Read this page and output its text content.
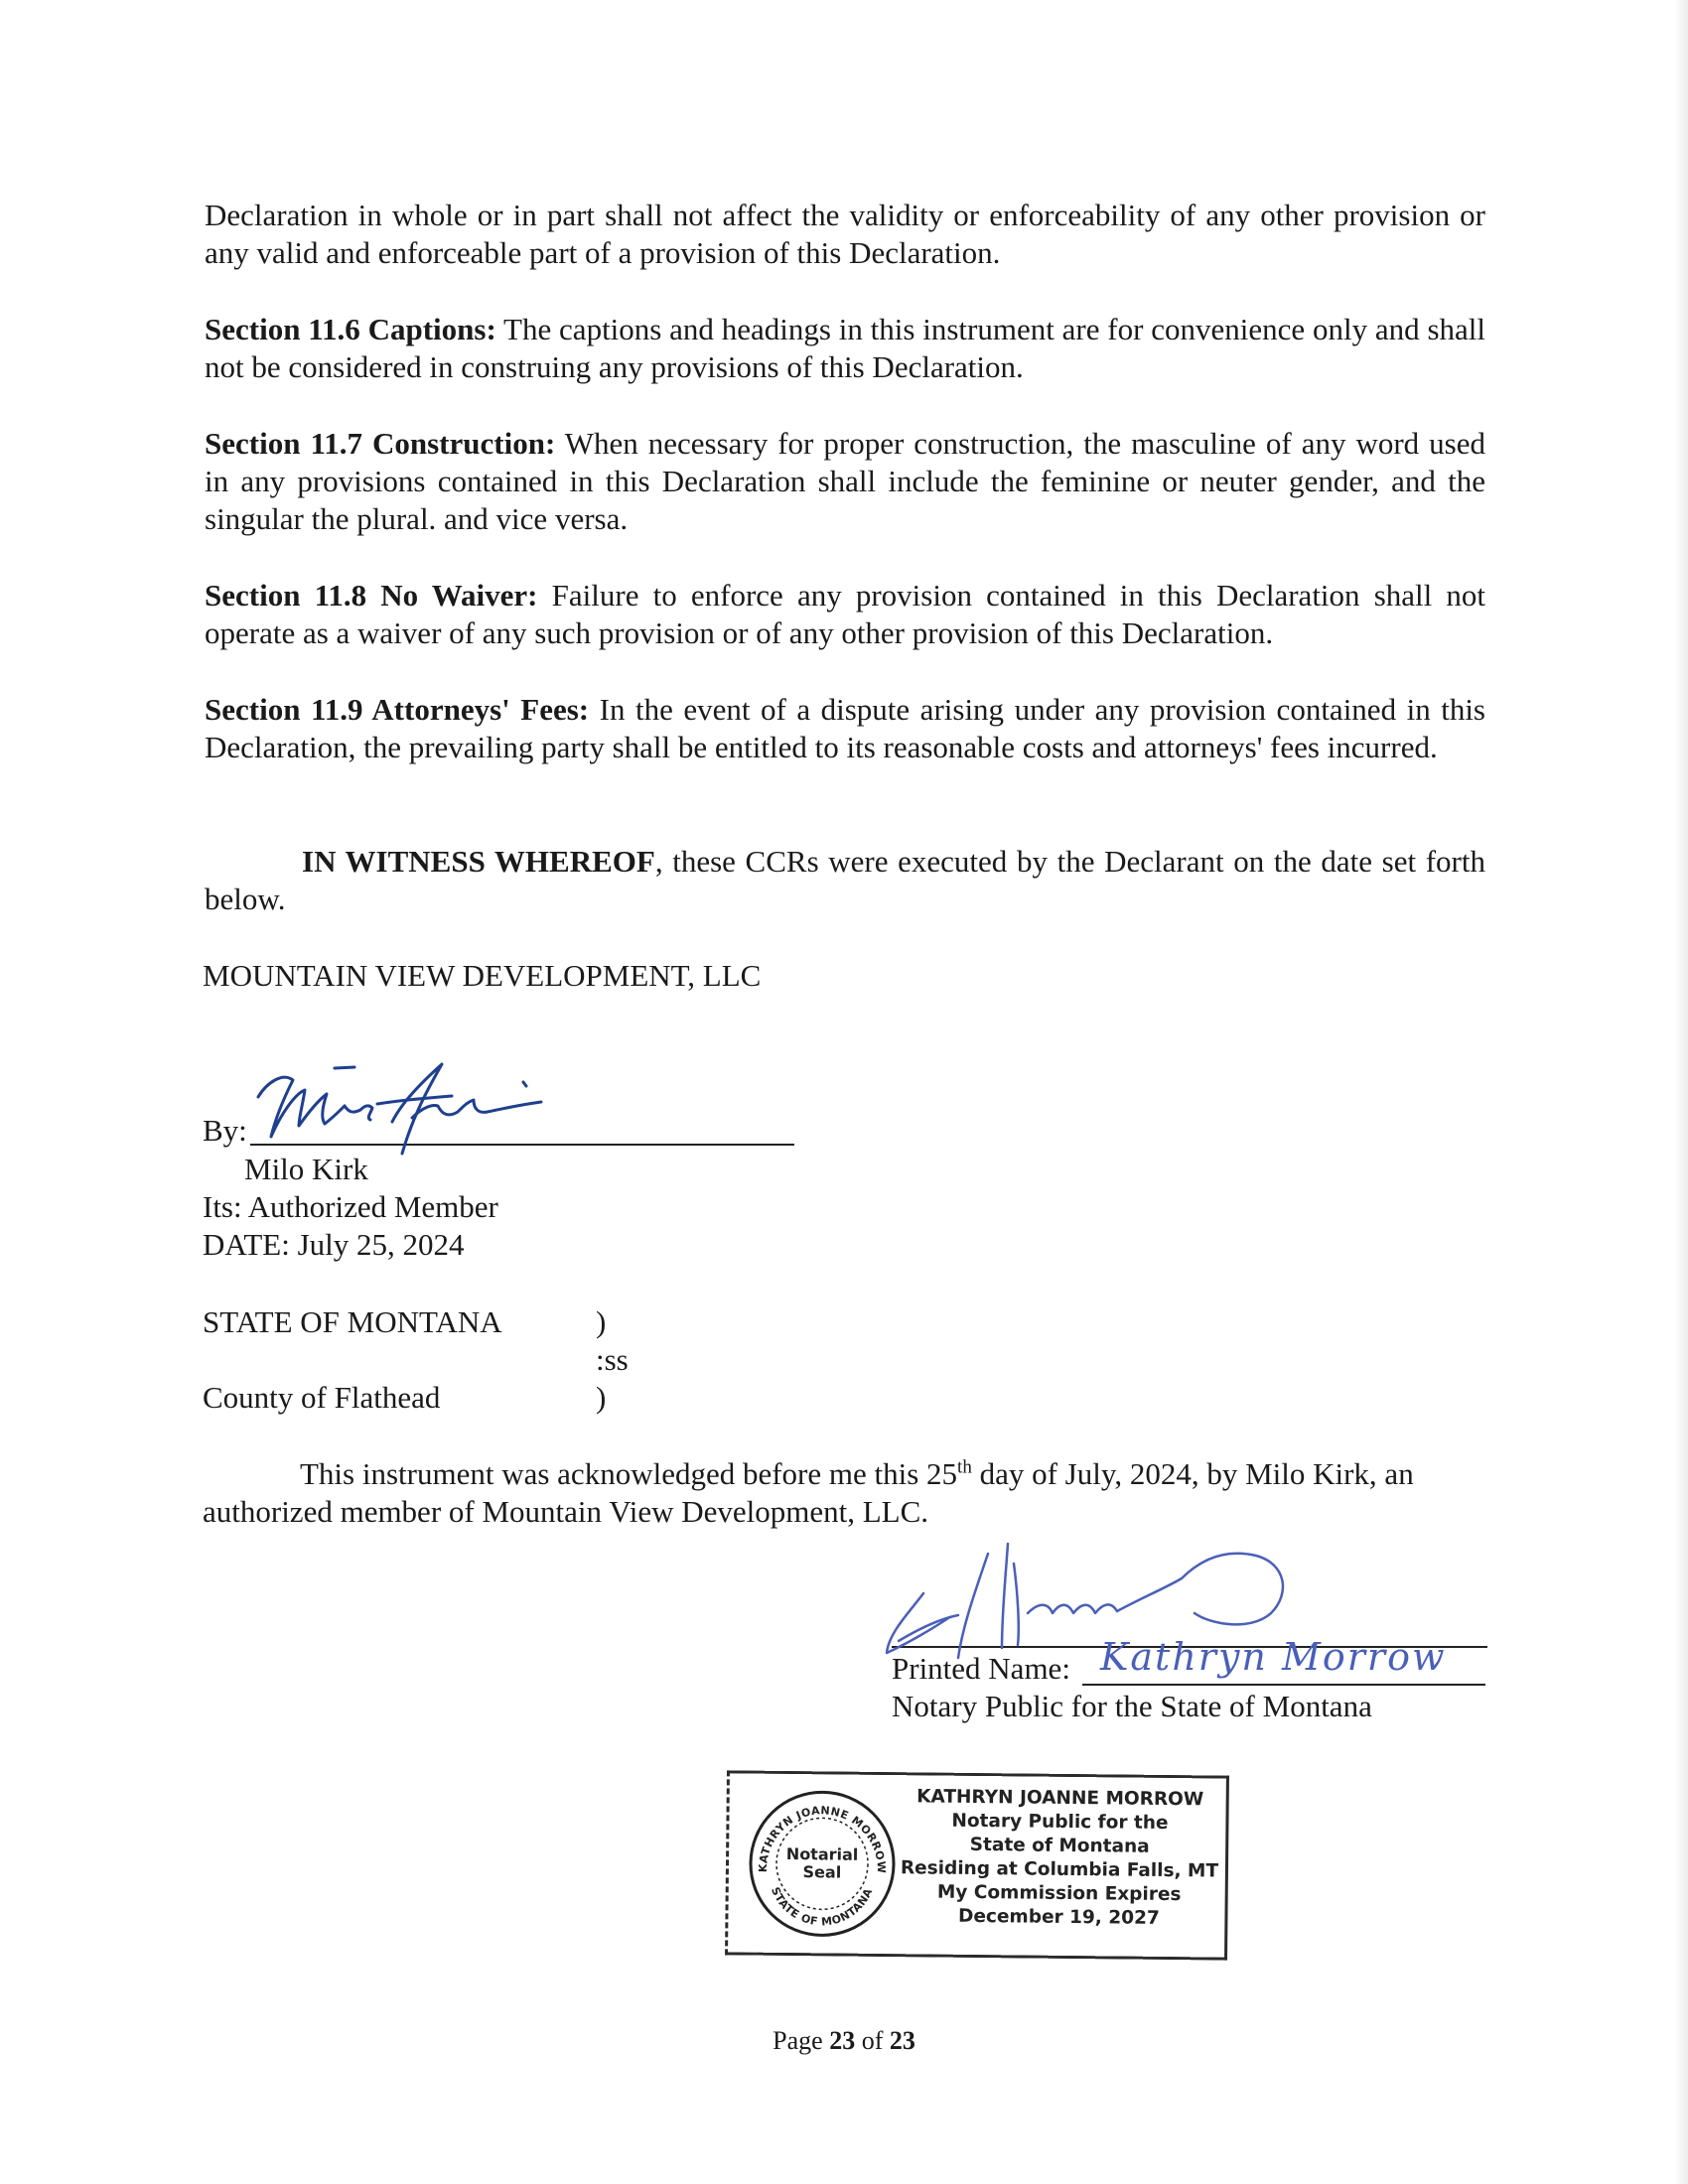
Declaration in whole or in part shall not affect the validity or enforceability of any other provision or any valid and enforceable part of a provision of this Declaration.

Section 11.6 Captions: The captions and headings in this instrument are for convenience only and shall not be considered in construing any provisions of this Declaration.

Section 11.7 Construction: When necessary for proper construction, the masculine of any word used in any provisions contained in this Declaration shall include the feminine or neuter gender, and the singular the plural. and vice versa.

Section 11.8 No Waiver: Failure to enforce any provision contained in this Declaration shall not operate as a waiver of any such provision or of any other provision of this Declaration.

Section 11.9 Attorneys' Fees: In the event of a dispute arising under any provision contained in this Declaration, the prevailing party shall be entitled to its reasonable costs and attorneys' fees incurred.

IN WITNESS WHEREOF, these CCRs were executed by the Declarant on the date set forth below.

MOUNTAIN VIEW DEVELOPMENT, LLC
By:
Milo Kirk
Its: Authorized Member
DATE: July 25, 2024
STATE OF MONTANA	)
:ss
County of Flathead	)

This instrument was acknowledged before me this 25th day of July, 2024, by Milo Kirk, an authorized member of Mountain View Development, LLC.

Printed Name: Kathryn Morrow
Notary Public for the State of Montana
KATHRYN JOANNE MORROW
STATE OF MONTANA
Notarial
Seal
KATHRYN JOANNE MORROW
Notary Public for the
State of Montana
Residing at Columbia Falls, MT
My Commission Expires
December 19, 2027
Page 23 of 23
